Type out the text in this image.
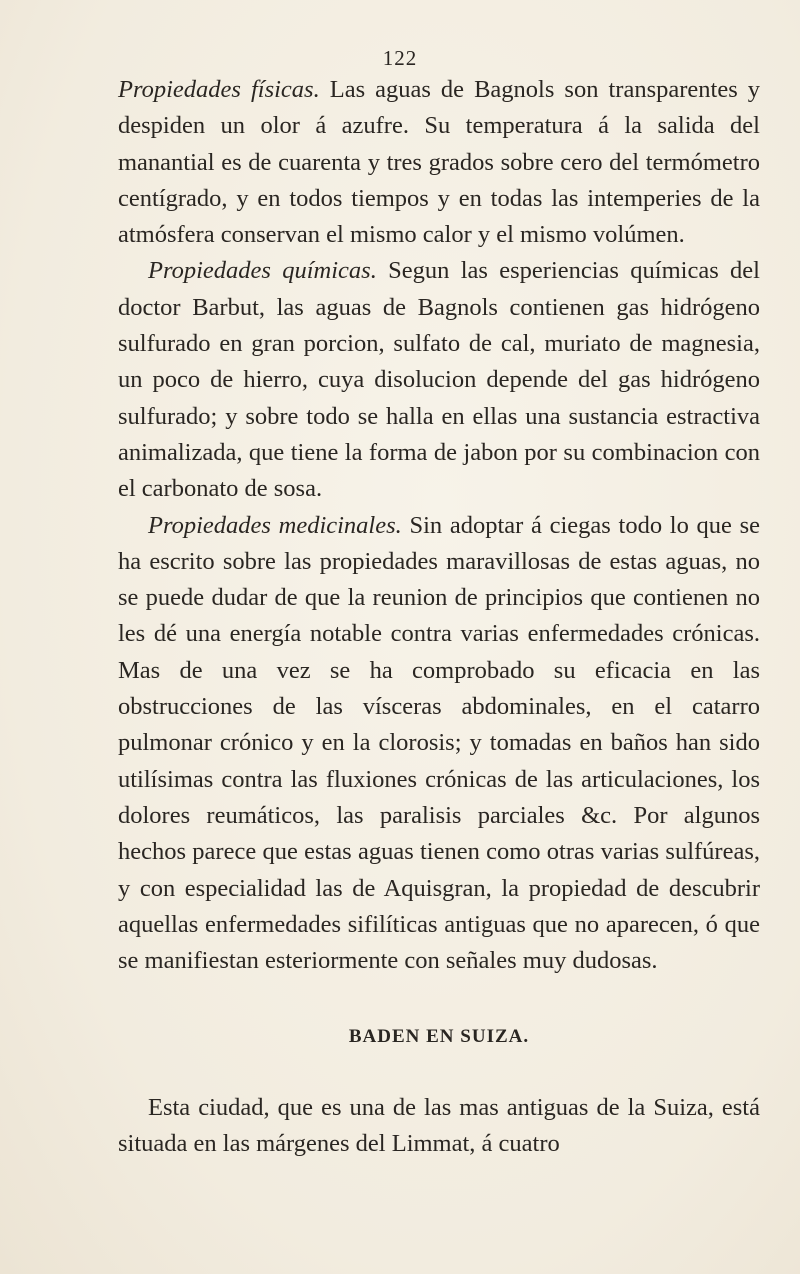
122

Propiedades físicas. Las aguas de Bagnols son transparentes y despiden un olor á azufre. Su temperatura á la salida del manantial es de cuarenta y tres grados sobre cero del termómetro centígrado, y en todos tiempos y en todas las intemperies de la atmósfera conservan el mismo calor y el mismo volúmen.

Propiedades químicas. Segun las esperiencias químicas del doctor Barbut, las aguas de Bagnols contienen gas hidrógeno sulfurado en gran porcion, sulfato de cal, muriato de magnesia, un poco de hierro, cuya disolucion depende del gas hidrógeno sulfurado; y sobre todo se halla en ellas una sustancia estractiva animalizada, que tiene la forma de jabon por su combinacion con el carbonato de sosa.

Propiedades medicinales. Sin adoptar á ciegas todo lo que se ha escrito sobre las propiedades maravillosas de estas aguas, no se puede dudar de que la reunion de principios que contienen no les dé una energía notable contra varias enfermedades crónicas. Mas de una vez se ha comprobado su eficacia en las obstrucciones de las vísceras abdominales, en el catarro pulmonar crónico y en la clorosis; y tomadas en baños han sido utilísimas contra las fluxiones crónicas de las articulaciones, los dolores reumáticos, las paralisis parciales &c. Por algunos hechos parece que estas aguas tienen como otras varias sulfúreas, y con especialidad las de Aquisgran, la propiedad de descubrir aquellas enfermedades sifilíticas antiguas que no aparecen, ó que se manifiestan esteriormente con señales muy dudosas.

BADEN EN SUIZA.

Esta ciudad, que es una de las mas antiguas de la Suiza, está situada en las márgenes del Limmat, á cuatro
